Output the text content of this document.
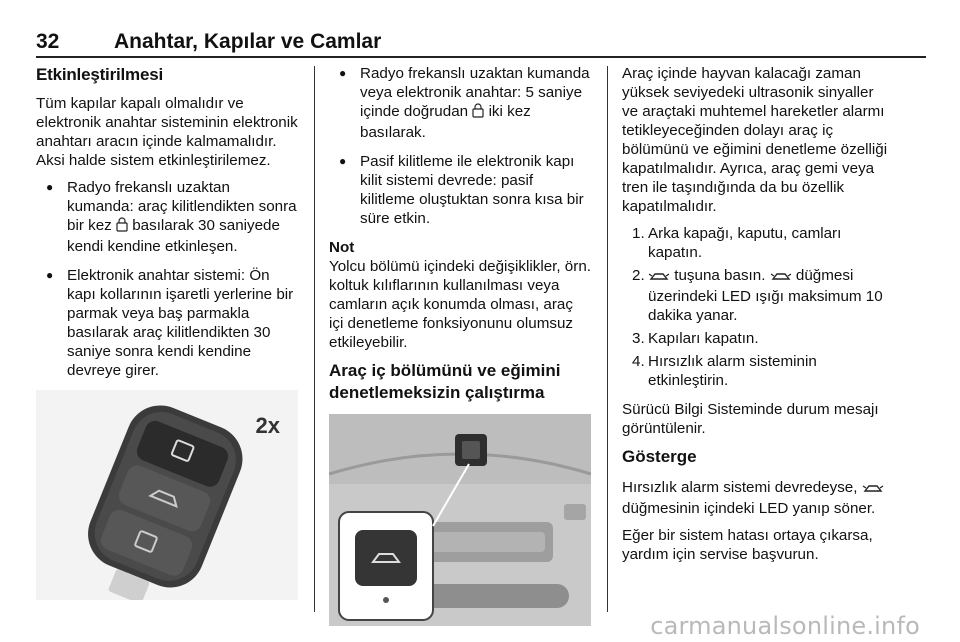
32	Anahtar, Kapılar ve Camlar
Etkinleştirilmesi

Tüm kapılar kapalı olmalıdır ve elektronik anahtar sisteminin elektronik anahtarı aracın içinde kalmamalıdır. Aksi halde sistem etkinleştirilemez.

● Radyo frekanslı uzaktan kumanda: araç kilitlendikten sonra bir kez basılarak 30 saniyede kendi kendine etkinleşen.
● Elektronik anahtar sistemi: Ön kapı kollarının işaretli yerlerine bir parmak veya baş parmakla basılarak araç kilitlendikten 30 saniye sonra kendi kendine devreye girer.
2x
● Radyo frekanslı uzaktan kumanda veya elektronik anahtar: 5 saniye içinde doğrudan iki kez basılarak.
● Pasif kilitleme ile elektronik kapı kilit sistemi devrede: pasif kilitleme oluştuktan sonra kısa bir süre etkin.
Not

Yolcu bölümü içindeki değişiklikler, örn. koltuk kılıflarının kullanılması veya camların açık konumda olması, araç içi denetleme fonksiyonunu olumsuz etkileyebilir.

Araç iç bölümünü ve eğimini denetlemeksizin çalıştırma

Araç içinde hayvan kalacağı zaman yüksek seviyedeki ultrasonik sinyaller ve araçtaki muhtemel hareketler alarmı tetikleyeceğinden dolayı araç iç bölümünü ve eğimini denetleme özelliği kapatılmalıdır. Ayrıca, araç gemi veya tren ile taşındığında da bu özellik kapatılmalıdır.

1. Arka kapağı, kaputu, camları kapatın.
2. tuşuna basın. düğmesi üzerindeki LED ışığı maksimum 10 dakika yanar.
3. Kapıları kapatın.
4. Hırsızlık alarm sisteminin etkinleştirin.

Sürücü Bilgi Sisteminde durum mesajı görüntülenir.

Gösterge

Hırsızlık alarm sistemi devredeyse,  düğmesinin içindeki LED yanıp söner.

Eğer bir sistem hatası ortaya çıkarsa, yardım için servise başvurun.

carmanualsonline.info
